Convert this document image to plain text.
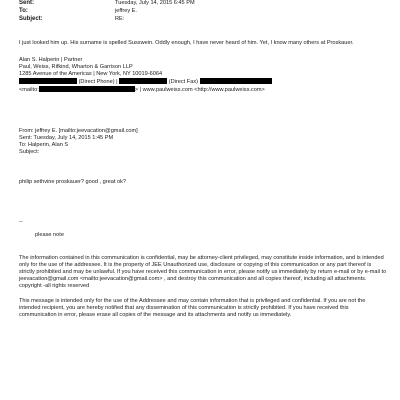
Sent:	Tuesday, July 14, 2015 6:45 PM
To:	jeffrey E.
Subject:	RE:

I just looked him up. His surname is spelled Susswein. Oddly enough, I have never heard of him. Yet, I know many others at Proskauer.

Alan S. Halperin | Partner

Paul, Weiss, Rifkind, Wharton & Garrison LLP

1285 Avenue of the Americas | New York, NY 10019-6064

(Direct Phone) |	(Direct Fax)

<mailto:	> | www.paulweiss.com <http://www.paulweiss.com>

From: jeffrey E. [mailto:jeevacation@gmail.com]

Sent: Tuesday, July 14, 2015 1:45 PM

To: Halperin, Alan S

Subject:

philip sethvine proskauer? good , great ok?

--

please note

The information contained in this communication is confidential, may be attorney-client privileged, may constitute inside information, and is intended only for the use of the addressee. It is the property of JEE Unauthorized use, disclosure or copying of this communication or any part thereof is strictly prohibited and may be unlawful. If you have received this communication in error, please notify us immediately by return e-mail or by e-mail to jeevacation@gmail.com <mailto:jeevacation@gmail.com> , and destroy this communication and all copies thereof, including all attachments. copyright -all rights reserved

This message is intended only for the use of the Addressee and may contain information that is privileged and confidential. If you are not the intended recipient, you are hereby notified that any dissemination of this communication is strictly prohibited. If you have received this communication in error, please erase all copies of the message and its attachments and notify us immediately.
